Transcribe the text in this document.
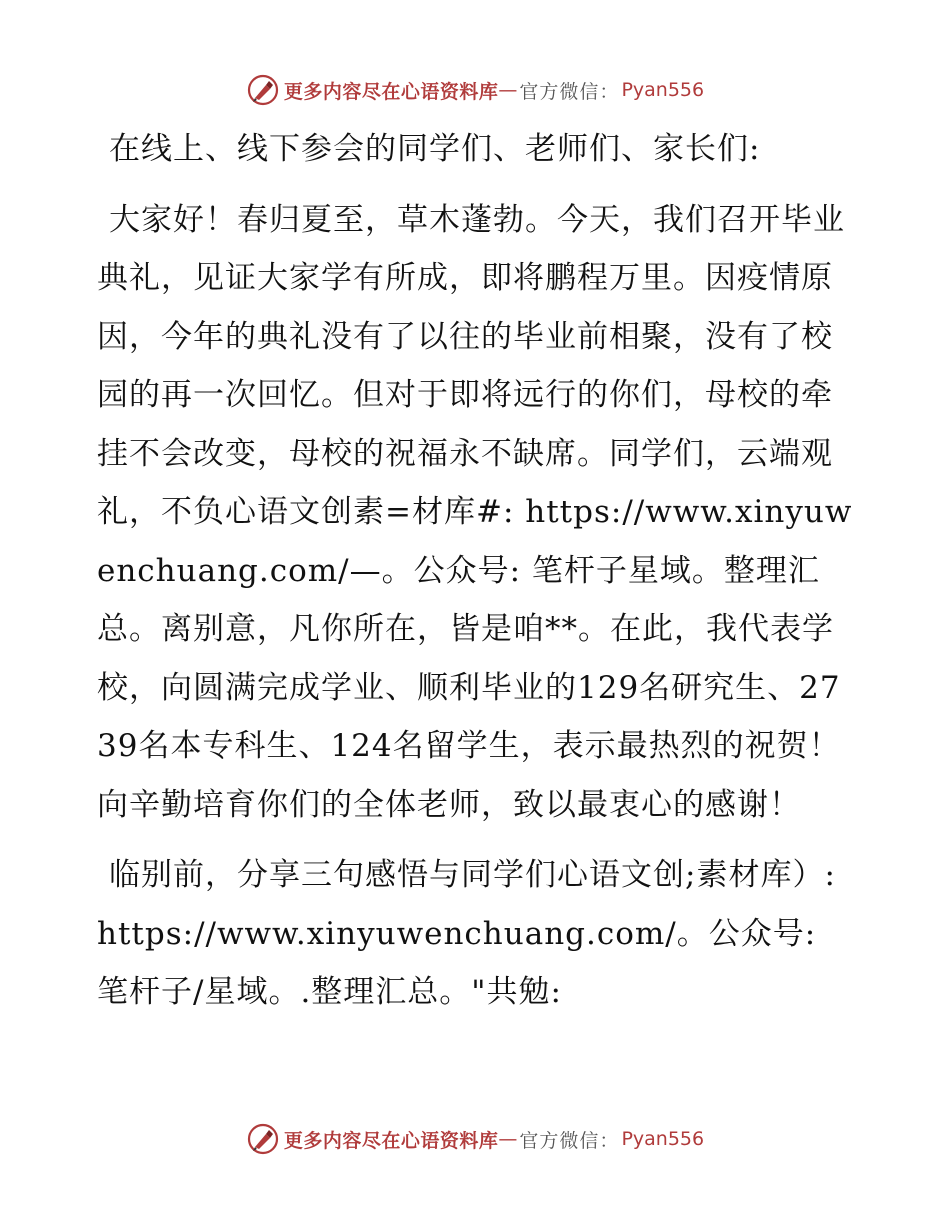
更多内容尽在心语资料库 — 官方微信： Pyan556

在线上、线下参会的同学们、老师们、家长们:

大家好！春归夏至，草木蓬勃。今天，我们召开毕业典礼，见证大家学有所成，即将鹏程万里。因疫情原因，今年的典礼没有了以往的毕业前相聚，没有了校园的再一次回忆。但对于即将远行的你们，母校的牵挂不会改变，母校的祝福永不缺席。同学们，云端观礼，不负心语文创素=材库#: https://www.xinyuwenchuang.com/—。公众号: 笔杆子星域。整理汇总。离别意，凡你所在，皆是咱**。在此，我代表学校，向圆满完成学业、顺利毕业的129名研究生、2739名本专科生、124名留学生，表示最热烈的祝贺！向辛勤培育你们的全体老师，致以最衷心的感谢！

临别前，分享三句感悟与同学们心语文创;素材库）: https://www.xinyuwenchuang.com/。公众号: 笔杆子/星域。.整理汇总。"共勉:

更多内容尽在心语资料库 — 官方微信： Pyan556
